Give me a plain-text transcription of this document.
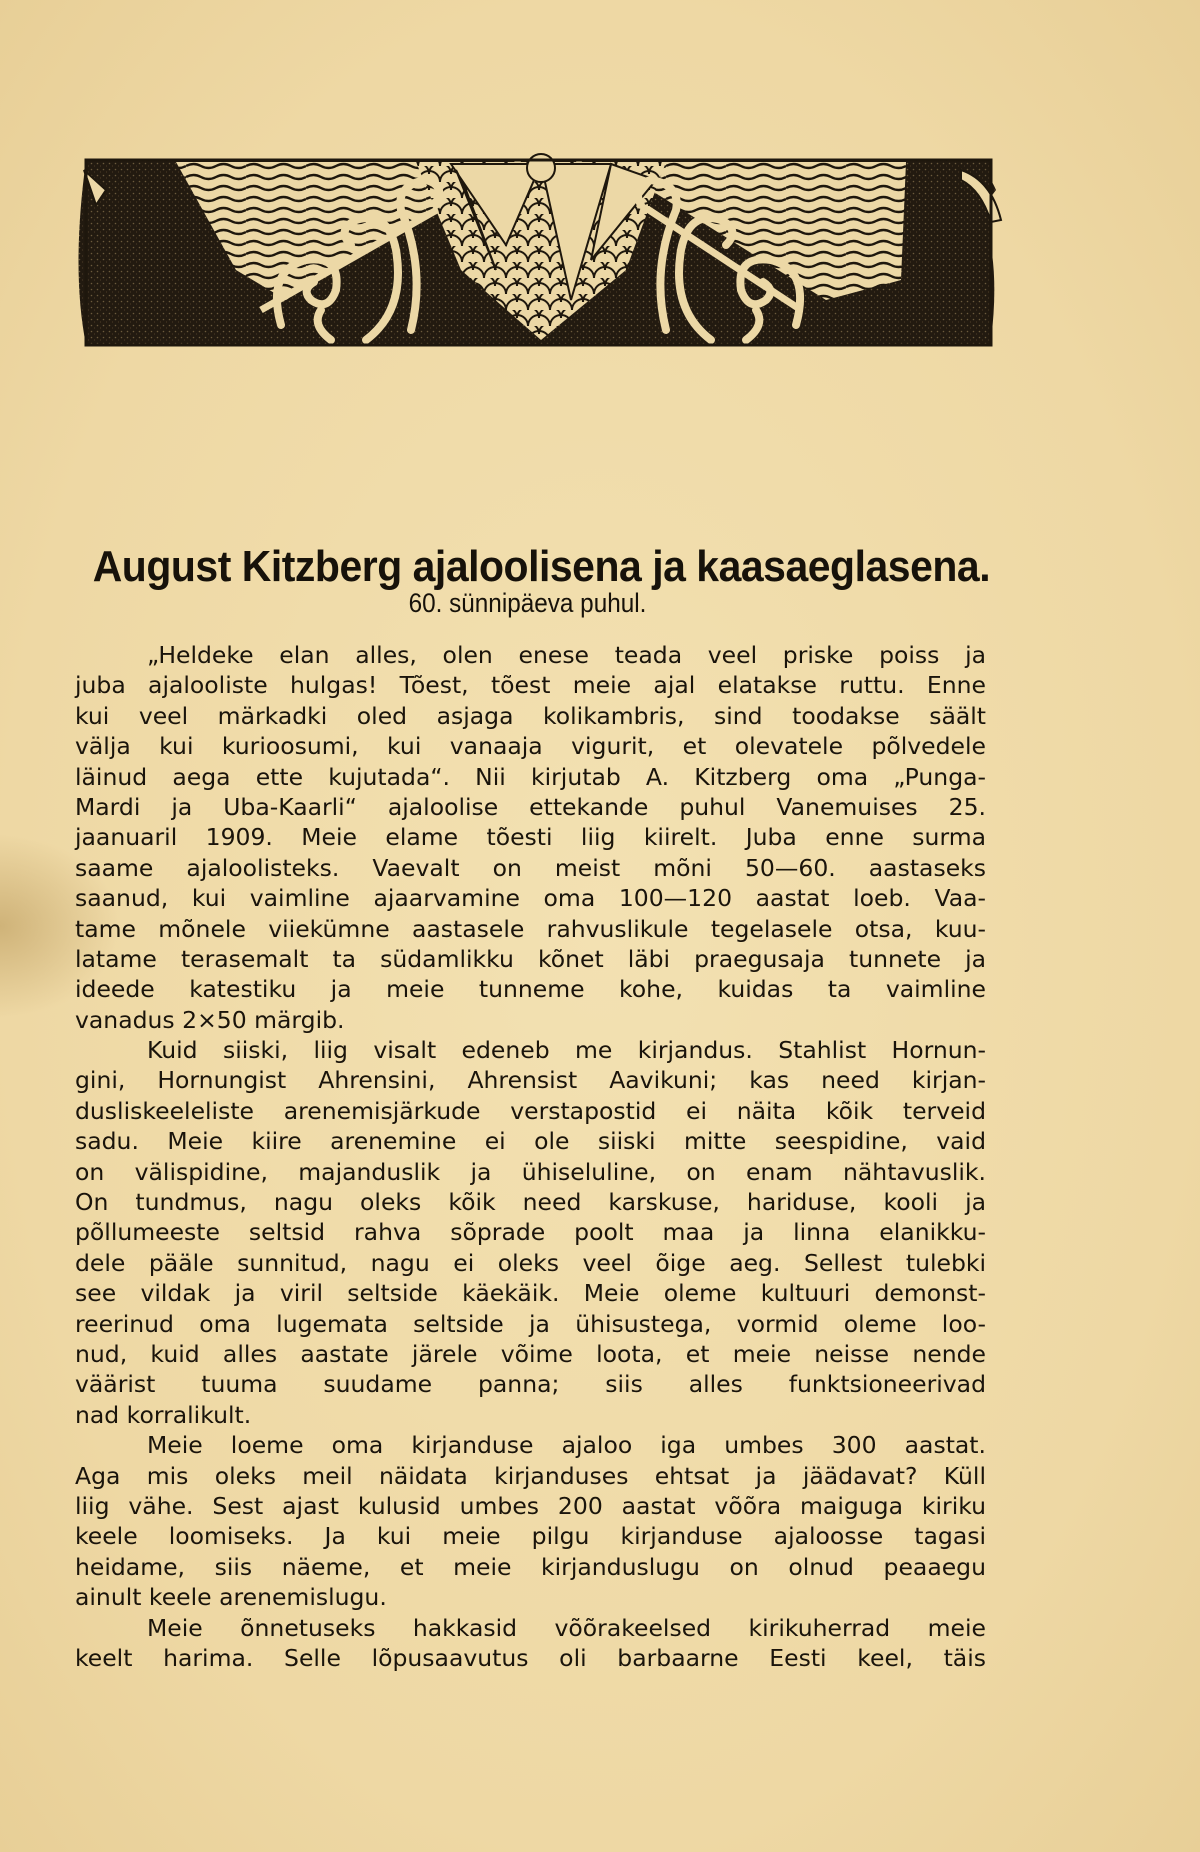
August Kitzberg ajaloolisena ja kaasaeglasena.
60. sünnipäeva puhul.
„Heldeke elan alles, olen enese teada veel priske poiss ja
juba ajalooliste hulgas! Tõest, tõest meie ajal elatakse ruttu. Enne
kui veel märkadki oled asjaga kolikambris, sind toodakse säält
välja kui kurioosumi, kui vanaaja vigurit, et olevatele põlvedele
läinud aega ette kujutada“. Nii kirjutab A. Kitzberg oma „Punga-
Mardi ja Uba-Kaarli“ ajaloolise ettekande puhul Vanemuises 25.
jaanuaril 1909. Meie elame tõesti liig kiirelt. Juba enne surma
saame ajaloolisteks. Vaevalt on meist mõni 50—60. aastaseks
saanud, kui vaimline ajaarvamine oma 100—120 aastat loeb. Vaa-
tame mõnele viiekümne aastasele rahvuslikule tegelasele otsa, kuu-
latame terasemalt ta südamlikku kõnet läbi praegusaja tunnete ja
ideede katestiku ja meie tunneme kohe, kuidas ta vaimline
vanadus 2×50 märgib.
Kuid siiski, liig visalt edeneb me kirjandus. Stahlist Hornun-
gini, Hornungist Ahrensini, Ahrensist Aavikuni; kas need kirjan-
dusliskeeleliste arenemisjärkude verstapostid ei näita kõik terveid
sadu. Meie kiire arenemine ei ole siiski mitte seespidine, vaid
on välispidine, majanduslik ja ühiseluline, on enam nähtavuslik.
On tundmus, nagu oleks kõik need karskuse, hariduse, kooli ja
põllumeeste seltsid rahva sõprade poolt maa ja linna elanikku-
dele pääle sunnitud, nagu ei oleks veel õige aeg. Sellest tulebki
see vildak ja viril seltside käekäik. Meie oleme kultuuri demonst-
reerinud oma lugemata seltside ja ühisustega, vormid oleme loo-
nud, kuid alles aastate järele võime loota, et meie neisse nende
väärist tuuma suudame panna; siis alles funktsioneerivad
nad korralikult.
Meie loeme oma kirjanduse ajaloo iga umbes 300 aastat.
Aga mis oleks meil näidata kirjanduses ehtsat ja jäädavat? Küll
liig vähe. Sest ajast kulusid umbes 200 aastat võõra maiguga kiriku
keele loomiseks. Ja kui meie pilgu kirjanduse ajaloosse tagasi
heidame, siis näeme, et meie kirjanduslugu on olnud peaaegu
ainult keele arenemislugu.
Meie õnnetuseks hakkasid võõrakeelsed kirikuherrad meie
keelt harima. Selle lõpusaavutus oli barbaarne Eesti keel, täis
